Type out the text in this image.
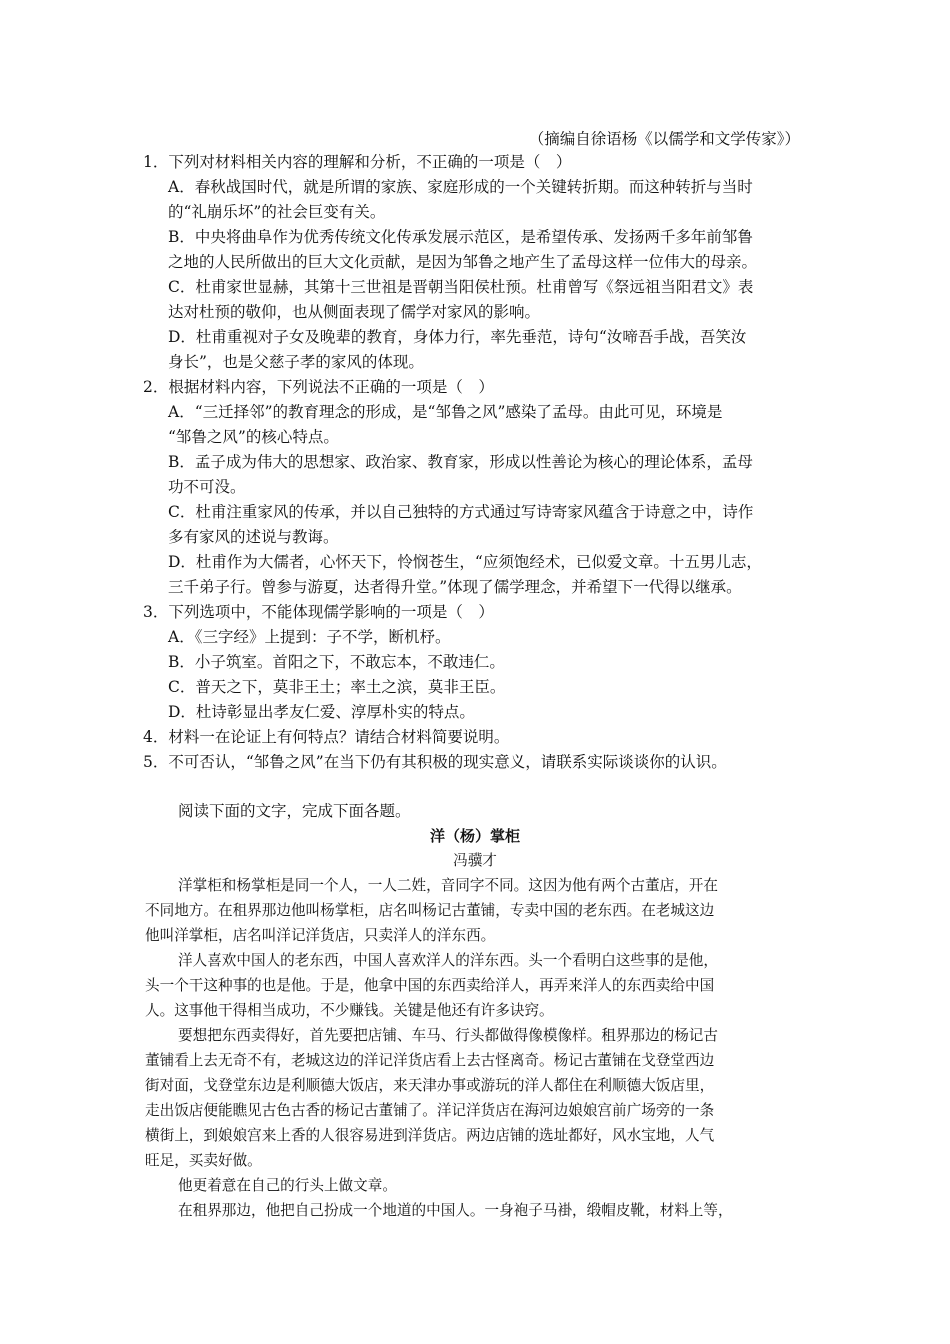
（摘编自徐语杨《以儒学和文学传家》）
1．下列对材料相关内容的理解和分析，不正确的一项是（　）
A．春秋战国时代，就是所谓的家族、家庭形成的一个关键转折期。而这种转折与当时
的“礼崩乐坏”的社会巨变有关。
B．中央将曲阜作为优秀传统文化传承发展示范区，是希望传承、发扬两千多年前邹鲁
之地的人民所做出的巨大文化贡献，是因为邹鲁之地产生了孟母这样一位伟大的母亲。
C．杜甫家世显赫，其第十三世祖是晋朝当阳侯杜预。杜甫曾写《祭远祖当阳君文》表
达对杜预的敬仰，也从侧面表现了儒学对家风的影响。
D．杜甫重视对子女及晚辈的教育，身体力行，率先垂范，诗句“汝啼吾手战，吾笑汝
身长”，也是父慈子孝的家风的体现。
2．根据材料内容，下列说法不正确的一项是（　）
A．“三迁择邻”的教育理念的形成，是“邹鲁之风”感染了孟母。由此可见，环境是
“邹鲁之风”的核心特点。
B．孟子成为伟大的思想家、政治家、教育家，形成以性善论为核心的理论体系，孟母
功不可没。
C．杜甫注重家风的传承，并以自己独特的方式通过写诗寄家风蕴含于诗意之中，诗作
多有家风的述说与教诲。
D．杜甫作为大儒者，心怀天下，怜悯苍生，“应须饱经术，已似爱文章。十五男儿志，
三千弟子行。曾参与游夏，达者得升堂。”体现了儒学理念，并希望下一代得以继承。
3．下列选项中，不能体现儒学影响的一项是（　）
A．《三字经》上提到：子不学，断机杼。
B．小子筑室。首阳之下，不敢忘本，不敢违仁。
C．普天之下，莫非王土；率土之滨，莫非王臣。
D．杜诗彰显出孝友仁爱、淳厚朴实的特点。
4．材料一在论证上有何特点？请结合材料简要说明。
5．不可否认，“邹鲁之风”在当下仍有其积极的现实意义，请联系实际谈谈你的认识。
阅读下面的文字，完成下面各题。
洋（杨）掌柜
冯骥才
洋掌柜和杨掌柜是同一个人，一人二姓，音同字不同。这因为他有两个古董店，开在
不同地方。在租界那边他叫杨掌柜，店名叫杨记古董铺，专卖中国的老东西。在老城这边
他叫洋掌柜，店名叫洋记洋货店，只卖洋人的洋东西。
洋人喜欢中国人的老东西，中国人喜欢洋人的洋东西。头一个看明白这些事的是他，
头一个干这种事的也是他。于是，他拿中国的东西卖给洋人，再弄来洋人的东西卖给中国
人。这事他干得相当成功，不少赚钱。关键是他还有许多诀窍。
要想把东西卖得好，首先要把店铺、车马、行头都做得像模像样。租界那边的杨记古
董铺看上去无奇不有，老城这边的洋记洋货店看上去古怪离奇。杨记古董铺在戈登堂西边
街对面，戈登堂东边是利顺德大饭店，来天津办事或游玩的洋人都住在利顺德大饭店里，
走出饭店便能瞧见古色古香的杨记古董铺了。洋记洋货店在海河边娘娘宫前广场旁的一条
横街上，到娘娘宫来上香的人很容易进到洋货店。两边店铺的选址都好，风水宝地，人气
旺足，买卖好做。
他更着意在自己的行头上做文章。
在租界那边，他把自己扮成一个地道的中国人。一身袍子马褂，缎帽皮靴，材料上等，
